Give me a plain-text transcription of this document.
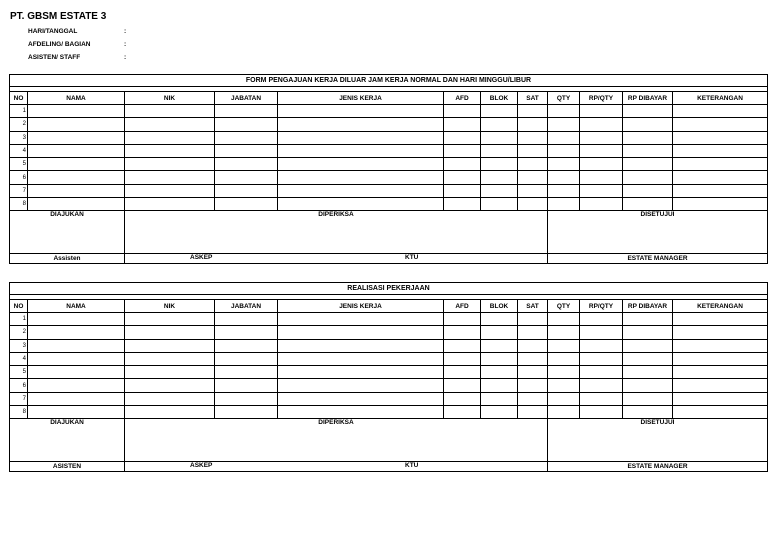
PT. GBSM ESTATE 3
HARI/TANGGAL	:
AFDELING/ BAGIAN	:
ASISTEN/ STAFF	:
FORM PENGAJUAN KERJA DILUAR JAM KERJA NORMAL DAN HARI MINGGU/LIBUR											

NO	NAMA	NIK	JABATAN	JENIS KERJA	AFD	BLOK	SAT	QTY	RP/QTY	RP DIBAYAR	KETERANGAN
1											
2											
3											
4											
5											
6											
7											
8											
DIAJUKAN		DIPERIKSA						DISETUJUI			
Assisten		ASKEP KTU						ESTATE MANAGER			
REALISASI PEKERJAAN											

NO	NAMA	NIK	JABATAN	JENIS KERJA	AFD	BLOK	SAT	QTY	RP/QTY	RP DIBAYAR	KETERANGAN
1											
2											
3											
4											
5											
6											
7											
8											
DIAJUKAN		DIPERIKSA						DISETUJUI			
ASISTEN		ASKEP KTU						ESTATE MANAGER			
